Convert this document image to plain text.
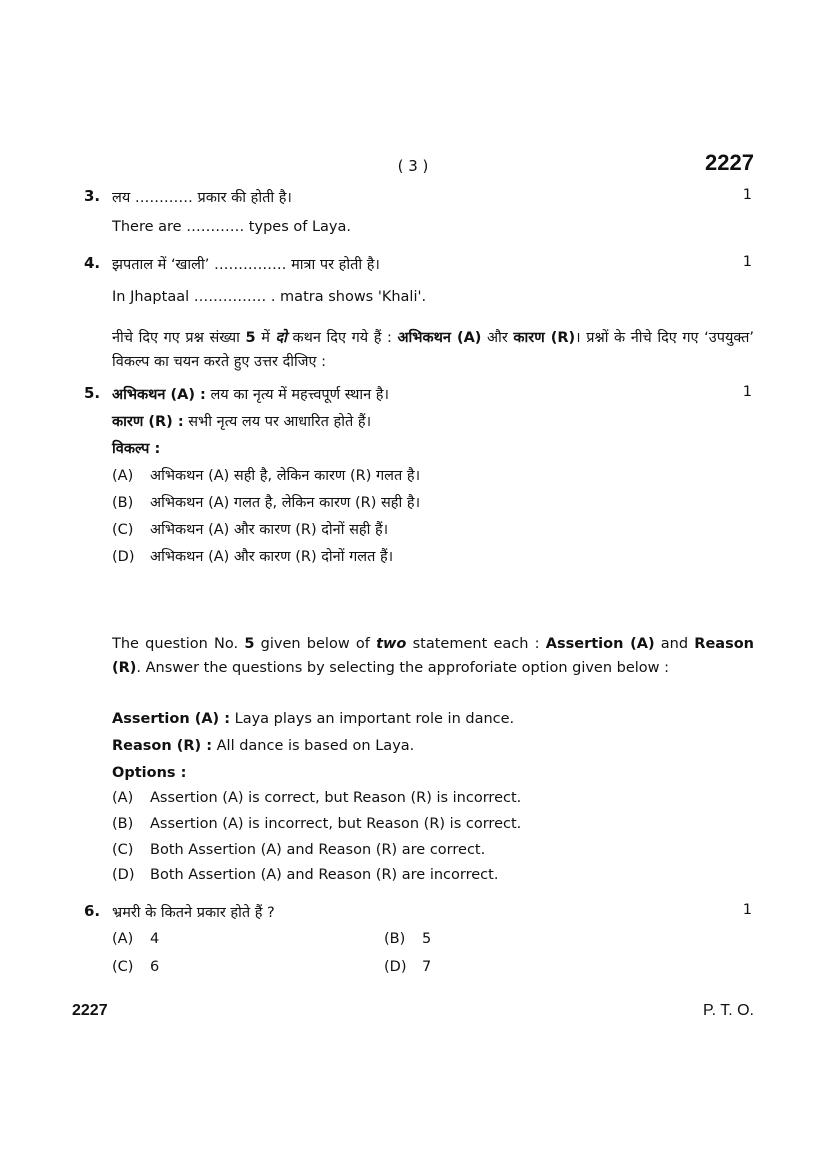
( 3 )	2227
3. लय ………… प्रकार की होती है।	1
There are ………… types of Laya.
4. झपताल में ‘खाली’ …………… मात्रा पर होती है।	1
In Jhaptaal …………… . matra shows 'Khali'.
नीचे दिए गए प्रश्न संख्या 5 में दो कथन दिए गये हैं : अभिकथन (A) और कारण (R)। प्रश्नों के नीचे दिए गए ‘उपयुक्त’ विकल्प का चयन करते हुए उत्तर दीजिए :
5.	1
अभिकथन (A) : लय का नृत्य में महत्त्वपूर्ण स्थान है।
कारण (R) : सभी नृत्य लय पर आधारित होते हैं।
विकल्प :
(A) अभिकथन (A) सही है, लेकिन कारण (R) गलत है।
(B) अभिकथन (A) गलत है, लेकिन कारण (R) सही है।
(C) अभिकथन (A) और कारण (R) दोनों सही हैं।
(D) अभिकथन (A) और कारण (R) दोनों गलत हैं।
The question No. 5 given below of two statement each : Assertion (A) and Reason (R). Answer the questions by selecting the approforiate option given below :
Assertion (A) : Laya plays an important role in dance.
Reason (R) : All dance is based on Laya.
Options :
(A) Assertion (A) is correct, but Reason (R) is incorrect.
(B) Assertion (A) is incorrect, but Reason (R) is correct.
(C) Both Assertion (A) and Reason (R) are correct.
(D) Both Assertion (A) and Reason (R) are incorrect.
6. भ्रमरी के कितने प्रकार होते हैं ?	1
(A) 4	(B) 5
(C) 6	(D) 7
2227	P. T. O.
